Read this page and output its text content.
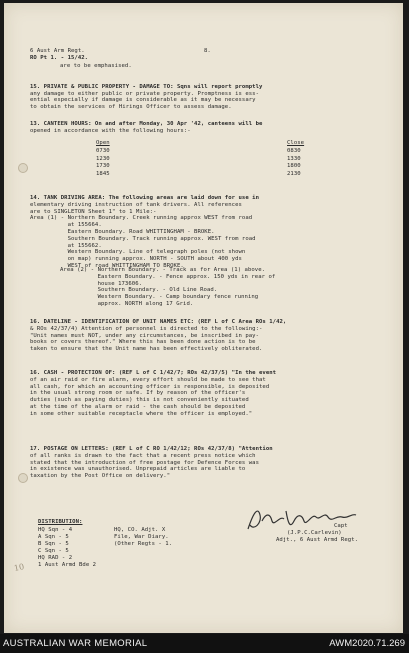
6 Aust Arm Regt.	8.
RO Pt 1. - 15/42.
are to be emphasised.
15. PRIVATE & PUBLIC PROPERTY - DAMAGE TO: Sqns will report promptly
any damage to either public or private property. Promptness is ess-
ential especially if damage is considerable as it may be necessary
to obtain the services of Hirings Officer to assess damage.
13. CANTEEN HOURS: On and after Monday, 30 Apr '42, canteens will be
opened in accordance with the following hours:-
Open	Close
0730	0830
1230	1330
1730	1800
1845	2130
14. TANK DRIVING AREA: The following areas are laid down for use in
elementary driving instruction of tank drivers. All references
are to SINGLETON Sheet 1" to 1 Mile:-
Area (1) - Northern Boundary. Creek running approx WEST from road
at 155664.
Eastern Boundary. Road WHITTINGHAM - BROKE.
Southern Boundary. Track running approx. WEST from road
at 155662.
Western Boundary. Line of telegraph poles (not shown
on map) running approx. NORTH - SOUTH about 400 yds
WEST of road WHITTINGHAM TO BROKE.
Area (2) - Northern Boundary. - Track as for Area (1) above.
Eastern Boundary. - Fence approx. 150 yds in rear of
house 173606.
Southern Boundary. - Old Line Road.
Western Boundary. - Camp boundary fence running
approx. NORTH along 17 Grid.
16. DATELINE - IDENTIFICATION OF UNIT NAMES ETC: (REF L of C Area ROs 1/42,
& ROs 42/37/4) Attention of personnel is directed to the following:-
"Unit names must NOT, under any circumstances, be inscribed in pay-
books or covers thereof." Where this has been done action is to be
taken to ensure that the Unit name has been effectively obliterated.
16. CASH - PROTECTION OF: (REF L of C 1/42/7; ROs 42/37/5) "In the event
of an air raid or fire alarm, every effort should be made to see that
all cash, for which an accounting officer is responsible, is deposited
in the usual strong room or safe. If by reason of the officer's
duties (such as paying duties) this is not conveniently situated
at the time of the alarm or raid - the cash should be deposited
in some other suitable receptacle where the officer is employed."
17. POSTAGE ON LETTERS: (REF L of C RO 1/42/12; ROs 42/37/8) "Attention
of all ranks is drawn to the fact that a recent press notice which
stated that the introduction of free postage for Defence Forces was
in existence was unauthorised. Unprepaid articles are liable to
taxation by the Post Office on delivery."
Capt
(J.P.C.Carlevin)
Adjt., 6 Aust Armd Regt.
DISTRIBUTION:
HQ Sqn - 4	HQ, CO. Adjt. X
A Sqn - 5	File, War Diary.
B Sqn - 5	(Other Regts - 1.
C Sqn - 5
HQ RAD - 2
1 Aust Armd Bde 2
10
AUSTRALIAN WAR MEMORIAL	AWM2020.71.269
